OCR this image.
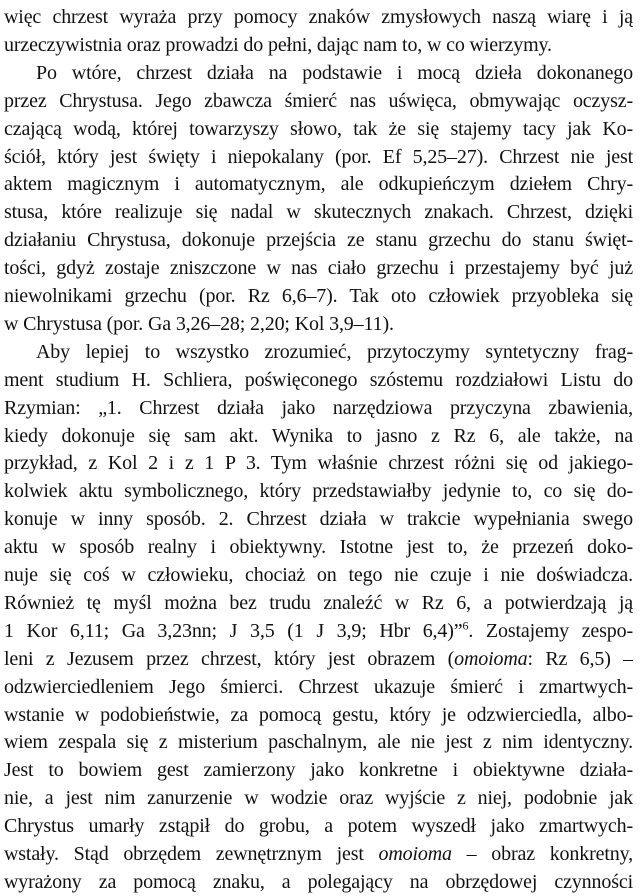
więc chrzest wyraża przy pomocy znaków zmysłowych naszą wiarę i ją
urzeczywistnia oraz prowadzi do pełni, dając nam to, w co wierzymy.
Po wtóre, chrzest działa na podstawie i mocą dzieła dokonanego
przez Chrystusa. Jego zbawcza śmierć nas uświęca, obmywając oczysz-
czającą wodą, której towarzyszy słowo, tak że się stajemy tacy jak Ko-
ściół, który jest święty i niepokalany (por. Ef 5,25–27). Chrzest nie jest
aktem magicznym i automatycznym, ale odkupieńczym dziełem Chry-
stusa, które realizuje się nadal w skutecznych znakach. Chrzest, dzięki
działaniu Chrystusa, dokonuje przejścia ze stanu grzechu do stanu święt-
tości, gdyż zostaje zniszczone w nas ciało grzechu i przestajemy być już
niewolnikami grzechu (por. Rz 6,6–7). Tak oto człowiek przyobleka się
w Chrystusa (por. Ga 3,26–28; 2,20; Kol 3,9–11).
Aby lepiej to wszystko zrozumieć, przytoczymy syntetyczny frag-
ment studium H. Schliera, poświęconego szóstemu rozdziałowi Listu do
Rzymian: „1. Chrzest działa jako narzędziowa przyczyna zbawienia,
kiedy dokonuje się sam akt. Wynika to jasno z Rz 6, ale także, na
przykład, z Kol 2 i z 1 P 3. Tym właśnie chrzest różni się od jakiego-
kolwiek aktu symbolicznego, który przedstawiałby jedynie to, co się do-
konuje w inny sposób. 2. Chrzest działa w trakcie wypełniania swego
aktu w sposób realny i obiektywny. Istotne jest to, że przezeń doko-
nuje się coś w człowieku, chociaż on tego nie czuje i nie doświadcza.
Również tę myśl można bez trudu znaleźć w Rz 6, a potwierdzają ją
1 Kor 6,11; Ga 3,23nn; J 3,5 (1 J 3,9; Hbr 6,4)”$^6$. Zostajemy zespo-
leni z Jezusem przez chrzest, który jest obrazem (omoioma: Rz 6,5) –
odzwierciedleniem Jego śmierci. Chrzest ukazuje śmierć i zmartwych-
wstanie w podobieństwie, za pomocą gestu, który je odzwierciedla, albo-
wiem zespala się z misterium paschalnym, ale nie jest z nim identyczny.
Jest to bowiem gest zamierzony jako konkretne i obiektywne działa-
nie, a jest nim zanurzenie w wodzie oraz wyjście z niej, podobnie jak
Chrystus umarły zstąpił do grobu, a potem wyszedł jako zmartwych-
wstały. Stąd obrzędem zewnętrznym jest omoioma – obraz konkretny,
wyrażony za pomocą znaku, a polegający na obrzędowej czynności
